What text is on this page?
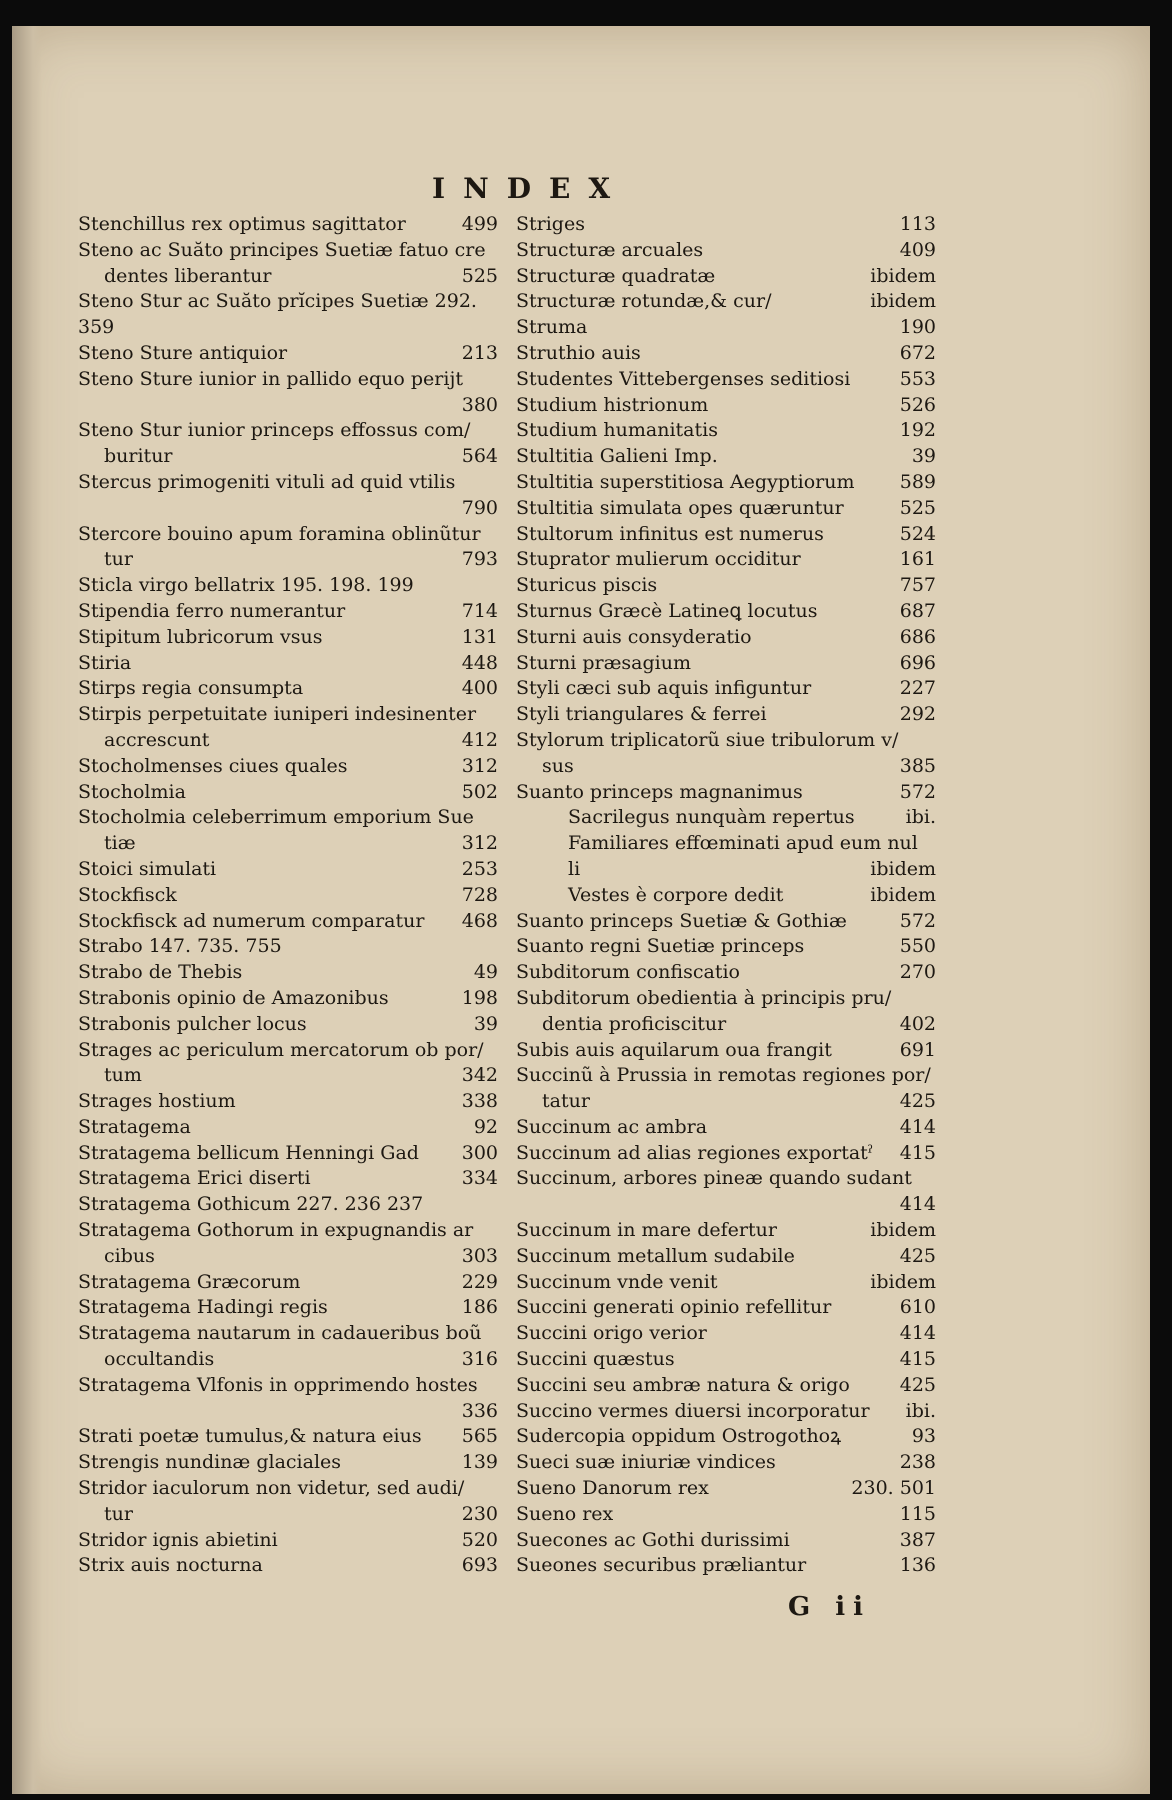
INDEX
Stenchillus rex optimus sagittator	499
Steno ac Suăto principes Suetiæ fatuo cre
dentes liberantur	525
Steno Stur ac Suăto prĭcipes Suetiæ 292.
359
Steno Sture antiquior	213
Steno Sture iunior in pallido equo perijt
380
Steno Stur iunior princeps effossus com/
buritur	564
Stercus primogeniti vituli ad quid vtilis
790
Stercore bouino apum foramina oblinũtur
tur	793
Sticla virgo bellatrix 195. 198. 199
Stipendia ferro numerantur	714
Stipitum lubricorum vsus	131
Stiria	448
Stirps regia consumpta	400
Stirpis perpetuitate iuniperi indesinenter
accrescunt	412
Stocholmenses ciues quales	312
Stocholmia	502
Stocholmia celeberrimum emporium Sue
tiæ	312
Stoici simulati	253
Stockfisck	728
Stockfisck ad numerum comparatur 468
Strabo 147. 735. 755
Strabo de Thebis	49
Strabonis opinio de Amazonibus	198
Strabonis pulcher locus	39
Strages ac periculum mercatorum ob por/
tum	342
Strages hostium	338
Stratagema	92
Stratagema bellicum Henningi Gad 300
Stratagema Erici diserti	334
Stratagema Gothicum 227. 236 237
Stratagema Gothorum in expugnandis ar
cibus	303
Stratagema Græcorum	229
Stratagema Hadingi regis	186
Stratagema nautarum in cadaueribus boũ
occultandis	316
Stratagema Vlfonis in opprimendo hostes
336
Strati poetæ tumulus,& natura eius 565
Strengis nundinæ glaciales	139
Stridor iaculorum non videtur, sed audi/
tur	230
Stridor ignis abietini	520
Strix auis nocturna	693
Striges	113
Structuræ arcuales	409
Structuræ quadratæ	ibidem
Structuræ rotundæ,& cur/	ibidem
Struma	190
Struthio auis	672
Studentes Vittebergenses seditiosi	553
Studium histrionum	526
Studium humanitatis	192
Stultitia Galieni Imp.	39
Stultitia superstitiosa Aegyptiorum 589
Stultitia simulata opes quæruntur	525
Stultorum infinitus est numerus	524
Stuprator mulierum occiditur	161
Sturicus piscis	757
Sturnus Græcè Latineꝗ locutus	687
Sturni auis consyderatio	686
Sturni præsagium	696
Styli cæci sub aquis infiguntur	227
Styli triangulares & ferrei	292
Stylorum triplicatorũ siue tribulorum v/
sus	385
Suanto princeps magnanimus	572
Sacrilegus nunquàm repertus	ibi.
Familiares effœminati apud eum nul
li	ibidem
Vestes è corpore dedit	ibidem
Suanto princeps Suetiæ & Gothiæ	572
Suanto regni Suetiæ princeps	550
Subditorum confiscatio	270
Subditorum obedientia à principis pru/
dentia proficiscitur	402
Subis auis aquilarum oua frangit	691
Succinũ à Prussia in remotas regiones por/
tatur	425
Succinum ac ambra	414
Succinum ad alias regiones exportatˀ 415
Succinum, arbores pineæ quando sudant
414
Succinum in mare defertur	ibidem
Succinum metallum sudabile	425
Succinum vnde venit	ibidem
Succini generati opinio refellitur	610
Succini origo verior	414
Succini quæstus	415
Succini seu ambræ natura & origo	425
Succino vermes diuersi incorporatur ibi.
Sudercopia oppidum Ostrogothoꝝ	93
Sueci suæ iniuriæ vindices	238
Sueno Danorum rex	230. 501
Sueno rex	115
Suecones ac Gothi durissimi	387
Sueones securibus præliantur	136
G ii
